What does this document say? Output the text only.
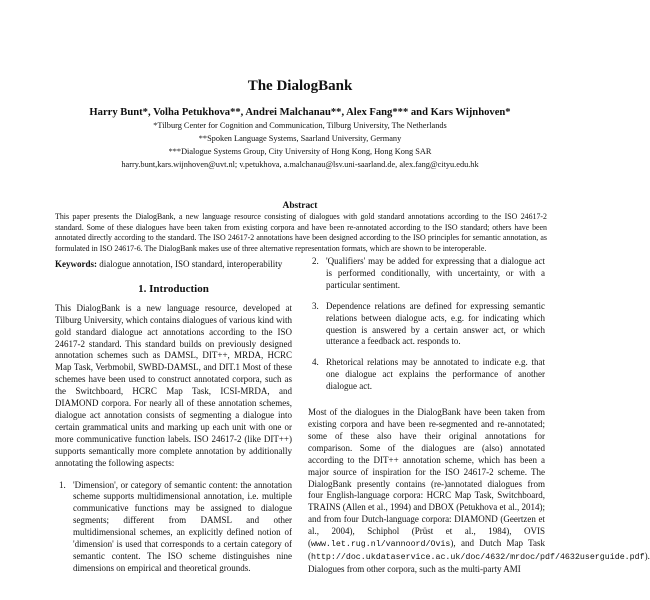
The DialogBank
Harry Bunt*, Volha Petukhova**, Andrei Malchanau**, Alex Fang*** and Kars Wijnhoven*
*Tilburg Center for Cognition and Communication, Tilburg University, The Netherlands
**Spoken Language Systems, Saarland University, Germany
***Dialogue Systems Group, City University of Hong Kong, Hong Kong SAR
harry.bunt,kars.wijnhoven@uvt.nl; v.petukhova, a.malchanau@lsv.uni-saarland.de, alex.fang@cityu.edu.hk
Abstract
This paper presents the DialogBank, a new language resource consisting of dialogues with gold standard annotations according to the ISO 24617-2 standard. Some of these dialogues have been taken from existing corpora and have been re-annotated according to the ISO standard; others have been annotated directly according to the standard. The ISO 24617-2 annotations have been designed according to the ISO principles for semantic annotation, as formulated in ISO 24617-6. The DialogBank makes use of three alternative representation formats, which are shown to be interoperable.

Keywords: dialogue annotation, ISO standard, interoperability

1. Introduction

This DialogBank is a new language resource, developed at Tilburg University, which contains dialogues of various kind with gold standard dialogue act annotations according to the ISO 24617-2 standard. This standard builds on previously designed annotation schemes such as DAMSL, DIT++, MRDA, HCRC Map Task, Verbmobil, SWBD-DAMSL, and DIT.1 Most of these schemes have been used to construct annotated corpora, such as the Switchboard, HCRC Map Task, ICSI-MRDA, and DIAMOND corpora. For nearly all of these annotation schemes, dialogue act annotation consists of segmenting a dialogue into certain grammatical units and marking up each unit with one or more communicative function labels. ISO 24617-2 (like DIT++) supports semantically more complete annotation by additionally annotating the following aspects:

1. 'Dimension', or category of semantic content: the annotation scheme supports multidimensional annotation, i.e. multiple communicative functions may be assigned to dialogue segments; different from DAMSL and other multidimensional schemes, an explicitly defined notion of 'dimension' is used that corresponds to a certain category of semantic content. The ISO scheme distinguishes nine dimensions on empirical and theoretical grounds.
2. 'Qualifiers' may be added for expressing that a dialogue act is performed conditionally, with uncertainty, or with a particular sentiment.
3. Dependence relations are defined for expressing semantic relations between dialogue acts, e.g. for indicating which question is answered by a certain answer act, or which utterance a feedback act. responds to.
4. Rhetorical relations may be annotated to indicate e.g. that one dialogue act explains the performance of another dialogue act.

Most of the dialogues in the DialogBank have been taken from existing corpora and have been re-segmented and re-annotated; some of these also have their original annotations for comparison. Some of the dialogues are (also) annotated according to the DIT++ annotation scheme, which has been a major source of inspiration for the ISO 24617-2 scheme. The DialogBank presently contains (re-)annotated dialogues from four English-language corpora: HCRC Map Task, Switchboard, TRAINS (Allen et al., 1994) and DBOX (Petukhova et al., 2014); and from four Dutch-language corpora: DIAMOND (Geertzen et al., 2004), Schiphol (Prüst et al., 1984), OVIS (www.let.rug.nl/vannoord/Ovis), and Dutch Map Task (http://doc.ukdataservice.ac.uk/doc/4632/mrdoc/pdf/4632userguide.pdf).

Dialogues from other corpora, such as the multi-party AMI
